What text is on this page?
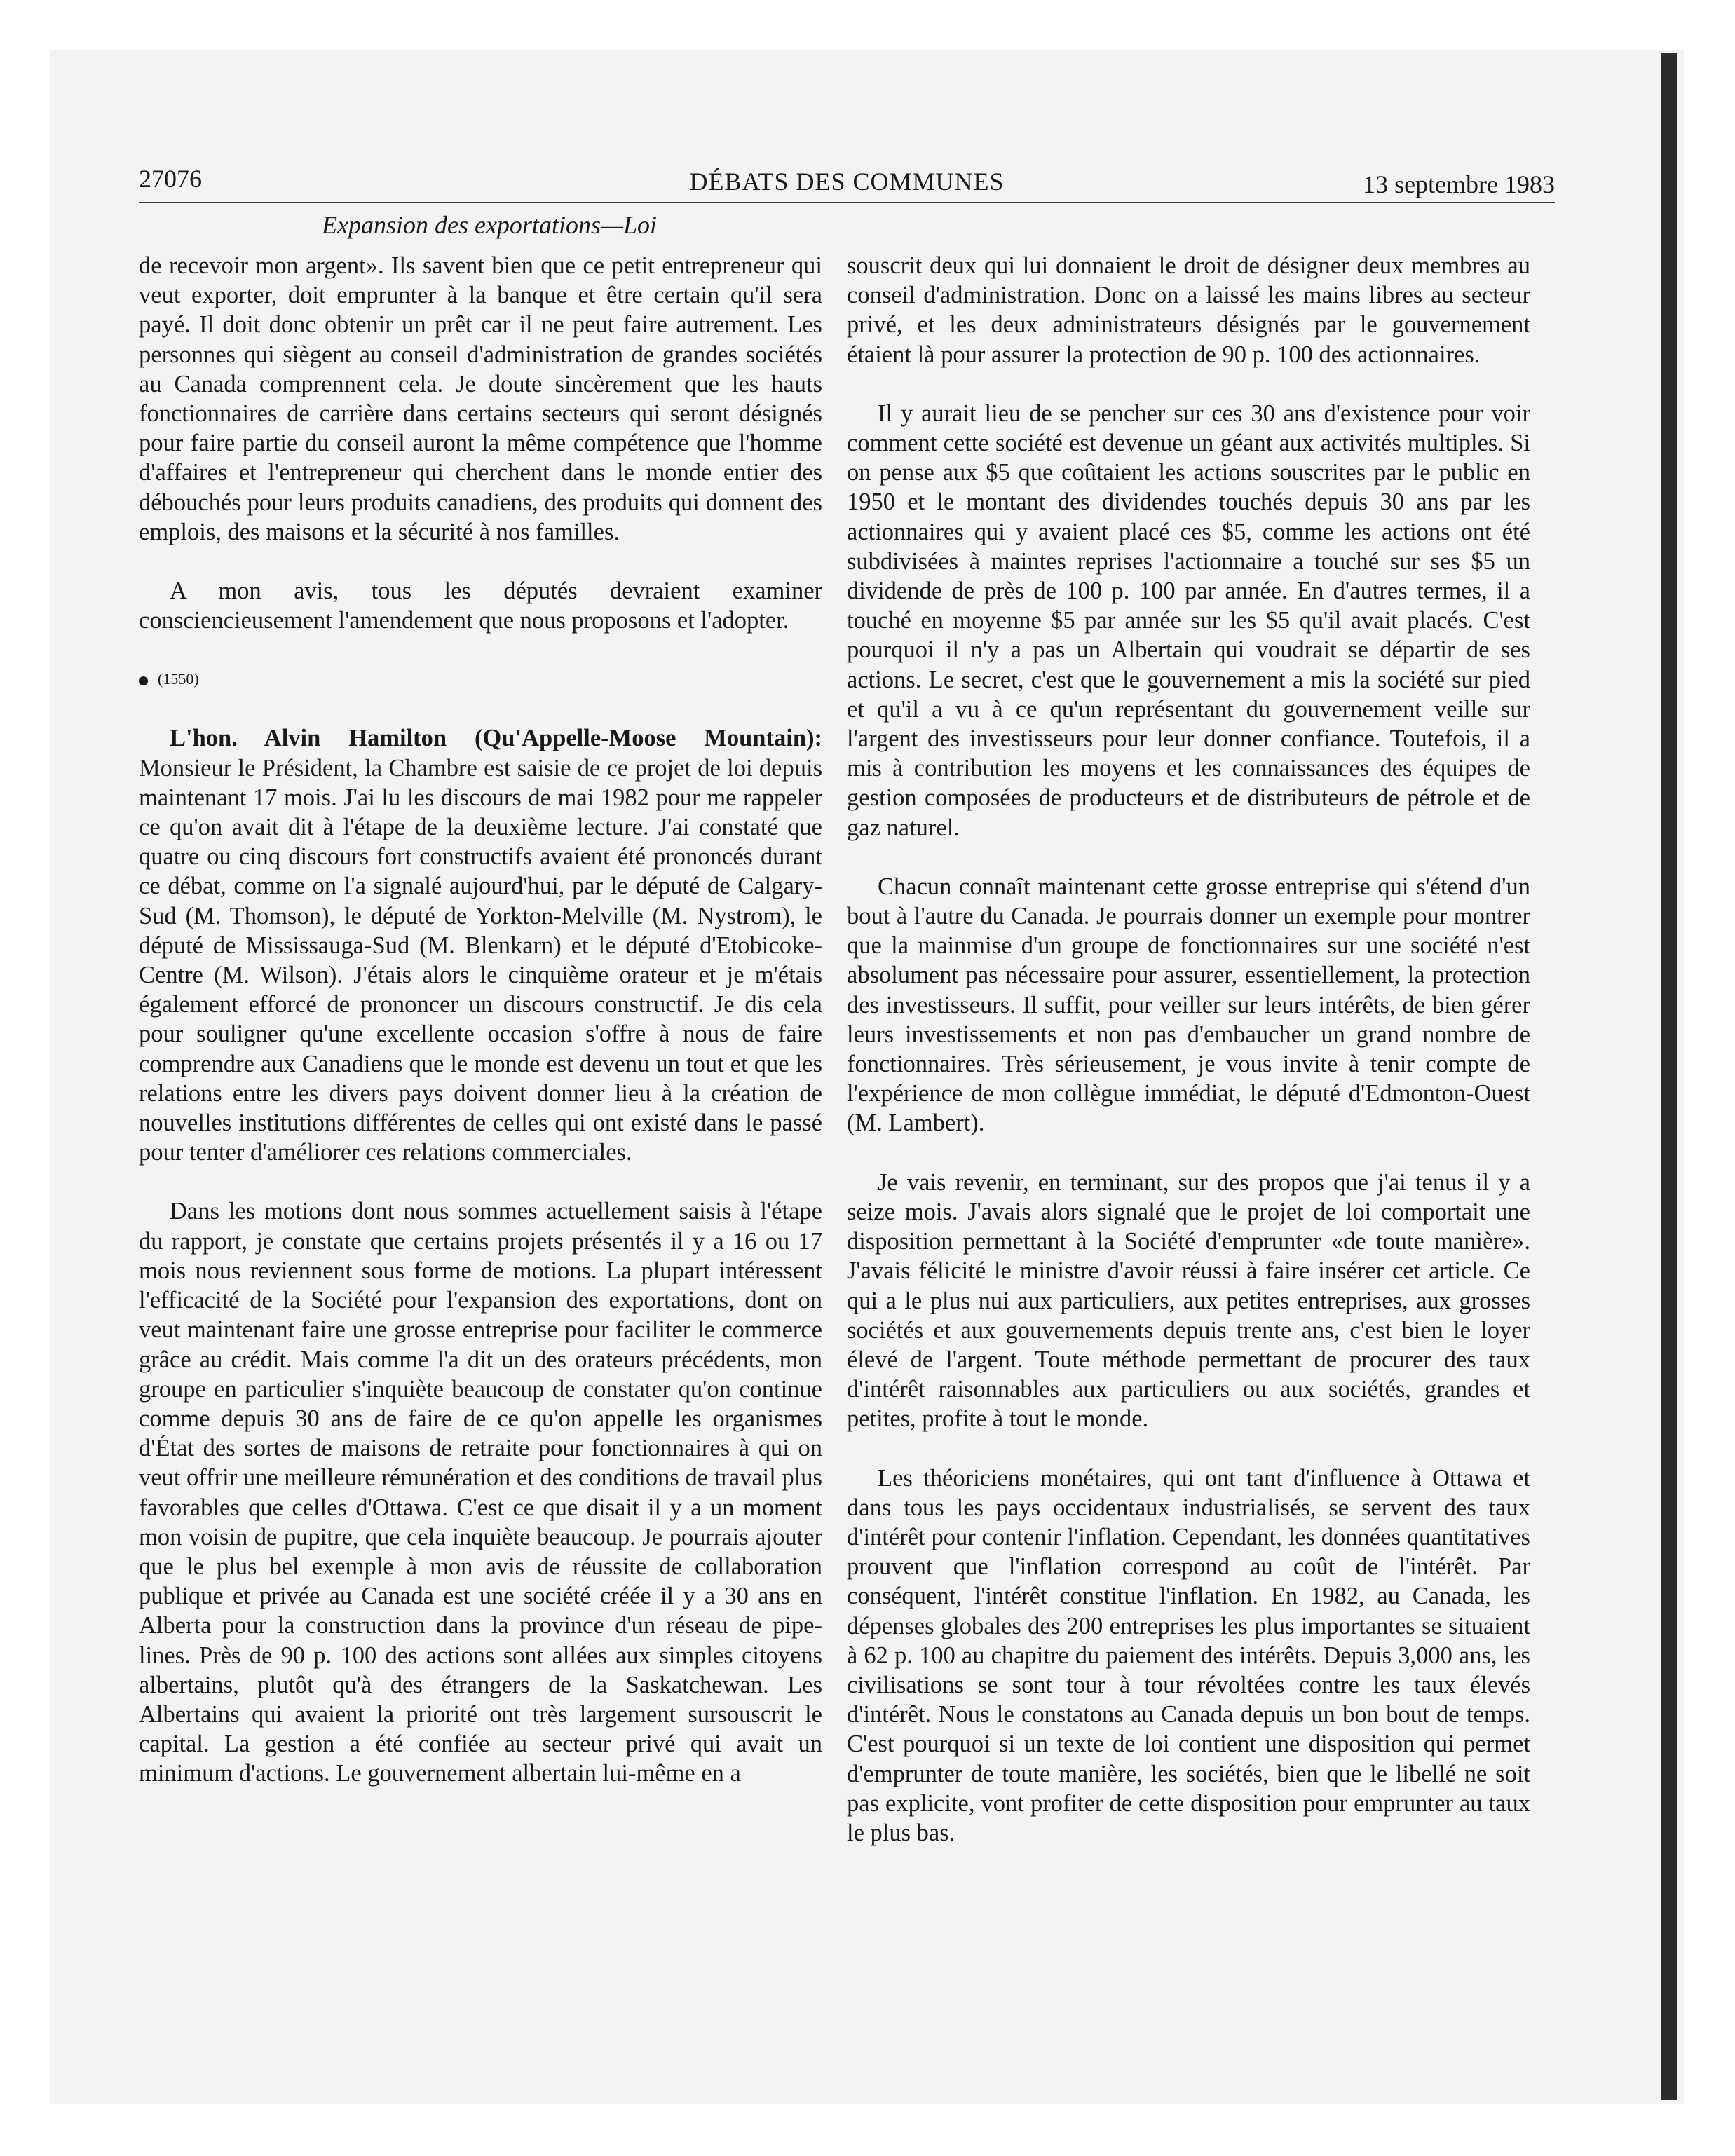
27076	DÉBATS DES COMMUNES	13 septembre 1983
Expansion des exportations—Loi

de recevoir mon argent». Ils savent bien que ce petit entrepreneur qui veut exporter, doit emprunter à la banque et être certain qu'il sera payé. Il doit donc obtenir un prêt car il ne peut faire autrement. Les personnes qui siègent au conseil d'administration de grandes sociétés au Canada comprennent cela. Je doute sincèrement que les hauts fonctionnaires de carrière dans certains secteurs qui seront désignés pour faire partie du conseil auront la même compétence que l'homme d'affaires et l'entrepreneur qui cherchent dans le monde entier des débouchés pour leurs produits canadiens, des produits qui donnent des emplois, des maisons et la sécurité à nos familles.

A mon avis, tous les députés devraient examiner consciencieusement l'amendement que nous proposons et l'adopter.

(1550)

L'hon. Alvin Hamilton (Qu'Appelle-Moose Mountain): Monsieur le Président, la Chambre est saisie de ce projet de loi depuis maintenant 17 mois. J'ai lu les discours de mai 1982 pour me rappeler ce qu'on avait dit à l'étape de la deuxième lecture. J'ai constaté que quatre ou cinq discours fort constructifs avaient été prononcés durant ce débat, comme on l'a signalé aujourd'hui, par le député de Calgary-Sud (M. Thomson), le député de Yorkton-Melville (M. Nystrom), le député de Mississauga-Sud (M. Blenkarn) et le député d'Etobicoke-Centre (M. Wilson). J'étais alors le cinquième orateur et je m'étais également efforcé de prononcer un discours constructif. Je dis cela pour souligner qu'une excellente occasion s'offre à nous de faire comprendre aux Canadiens que le monde est devenu un tout et que les relations entre les divers pays doivent donner lieu à la création de nouvelles institutions différentes de celles qui ont existé dans le passé pour tenter d'améliorer ces relations commerciales.

Dans les motions dont nous sommes actuellement saisis à l'étape du rapport, je constate que certains projets présentés il y a 16 ou 17 mois nous reviennent sous forme de motions. La plupart intéressent l'efficacité de la Société pour l'expansion des exportations, dont on veut maintenant faire une grosse entreprise pour faciliter le commerce grâce au crédit. Mais comme l'a dit un des orateurs précédents, mon groupe en particulier s'inquiète beaucoup de constater qu'on continue comme depuis 30 ans de faire de ce qu'on appelle les organismes d'État des sortes de maisons de retraite pour fonctionnaires à qui on veut offrir une meilleure rémunération et des conditions de travail plus favorables que celles d'Ottawa. C'est ce que disait il y a un moment mon voisin de pupitre, que cela inquiète beaucoup. Je pourrais ajouter que le plus bel exemple à mon avis de réussite de collaboration publique et privée au Canada est une société créée il y a 30 ans en Alberta pour la construction dans la province d'un réseau de pipe-lines. Près de 90 p. 100 des actions sont allées aux simples citoyens albertains, plutôt qu'à des étrangers de la Saskatchewan. Les Albertains qui avaient la priorité ont très largement sursouscrit le capital. La gestion a été confiée au secteur privé qui avait un minimum d'actions. Le gouvernement albertain lui-même en a

souscrit deux qui lui donnaient le droit de désigner deux membres au conseil d'administration. Donc on a laissé les mains libres au secteur privé, et les deux administrateurs désignés par le gouvernement étaient là pour assurer la protection de 90 p. 100 des actionnaires.

Il y aurait lieu de se pencher sur ces 30 ans d'existence pour voir comment cette société est devenue un géant aux activités multiples. Si on pense aux $5 que coûtaient les actions souscrites par le public en 1950 et le montant des dividendes touchés depuis 30 ans par les actionnaires qui y avaient placé ces $5, comme les actions ont été subdivisées à maintes reprises l'actionnaire a touché sur ses $5 un dividende de près de 100 p. 100 par année. En d'autres termes, il a touché en moyenne $5 par année sur les $5 qu'il avait placés. C'est pourquoi il n'y a pas un Albertain qui voudrait se départir de ses actions. Le secret, c'est que le gouvernement a mis la société sur pied et qu'il a vu à ce qu'un représentant du gouvernement veille sur l'argent des investisseurs pour leur donner confiance. Toutefois, il a mis à contribution les moyens et les connaissances des équipes de gestion composées de producteurs et de distributeurs de pétrole et de gaz naturel.

Chacun connaît maintenant cette grosse entreprise qui s'étend d'un bout à l'autre du Canada. Je pourrais donner un exemple pour montrer que la mainmise d'un groupe de fonctionnaires sur une société n'est absolument pas nécessaire pour assurer, essentiellement, la protection des investisseurs. Il suffit, pour veiller sur leurs intérêts, de bien gérer leurs investissements et non pas d'embaucher un grand nombre de fonctionnaires. Très sérieusement, je vous invite à tenir compte de l'expérience de mon collègue immédiat, le député d'Edmonton-Ouest (M. Lambert).

Je vais revenir, en terminant, sur des propos que j'ai tenus il y a seize mois. J'avais alors signalé que le projet de loi comportait une disposition permettant à la Société d'emprunter «de toute manière». J'avais félicité le ministre d'avoir réussi à faire insérer cet article. Ce qui a le plus nui aux particuliers, aux petites entreprises, aux grosses sociétés et aux gouvernements depuis trente ans, c'est bien le loyer élevé de l'argent. Toute méthode permettant de procurer des taux d'intérêt raisonnables aux particuliers ou aux sociétés, grandes et petites, profite à tout le monde.

Les théoriciens monétaires, qui ont tant d'influence à Ottawa et dans tous les pays occidentaux industrialisés, se servent des taux d'intérêt pour contenir l'inflation. Cependant, les données quantitatives prouvent que l'inflation correspond au coût de l'intérêt. Par conséquent, l'intérêt constitue l'inflation. En 1982, au Canada, les dépenses globales des 200 entreprises les plus importantes se situaient à 62 p. 100 au chapitre du paiement des intérêts. Depuis 3,000 ans, les civilisations se sont tour à tour révoltées contre les taux élevés d'intérêt. Nous le constatons au Canada depuis un bon bout de temps. C'est pourquoi si un texte de loi contient une disposition qui permet d'emprunter de toute manière, les sociétés, bien que le libellé ne soit pas explicite, vont profiter de cette disposition pour emprunter au taux le plus bas.
